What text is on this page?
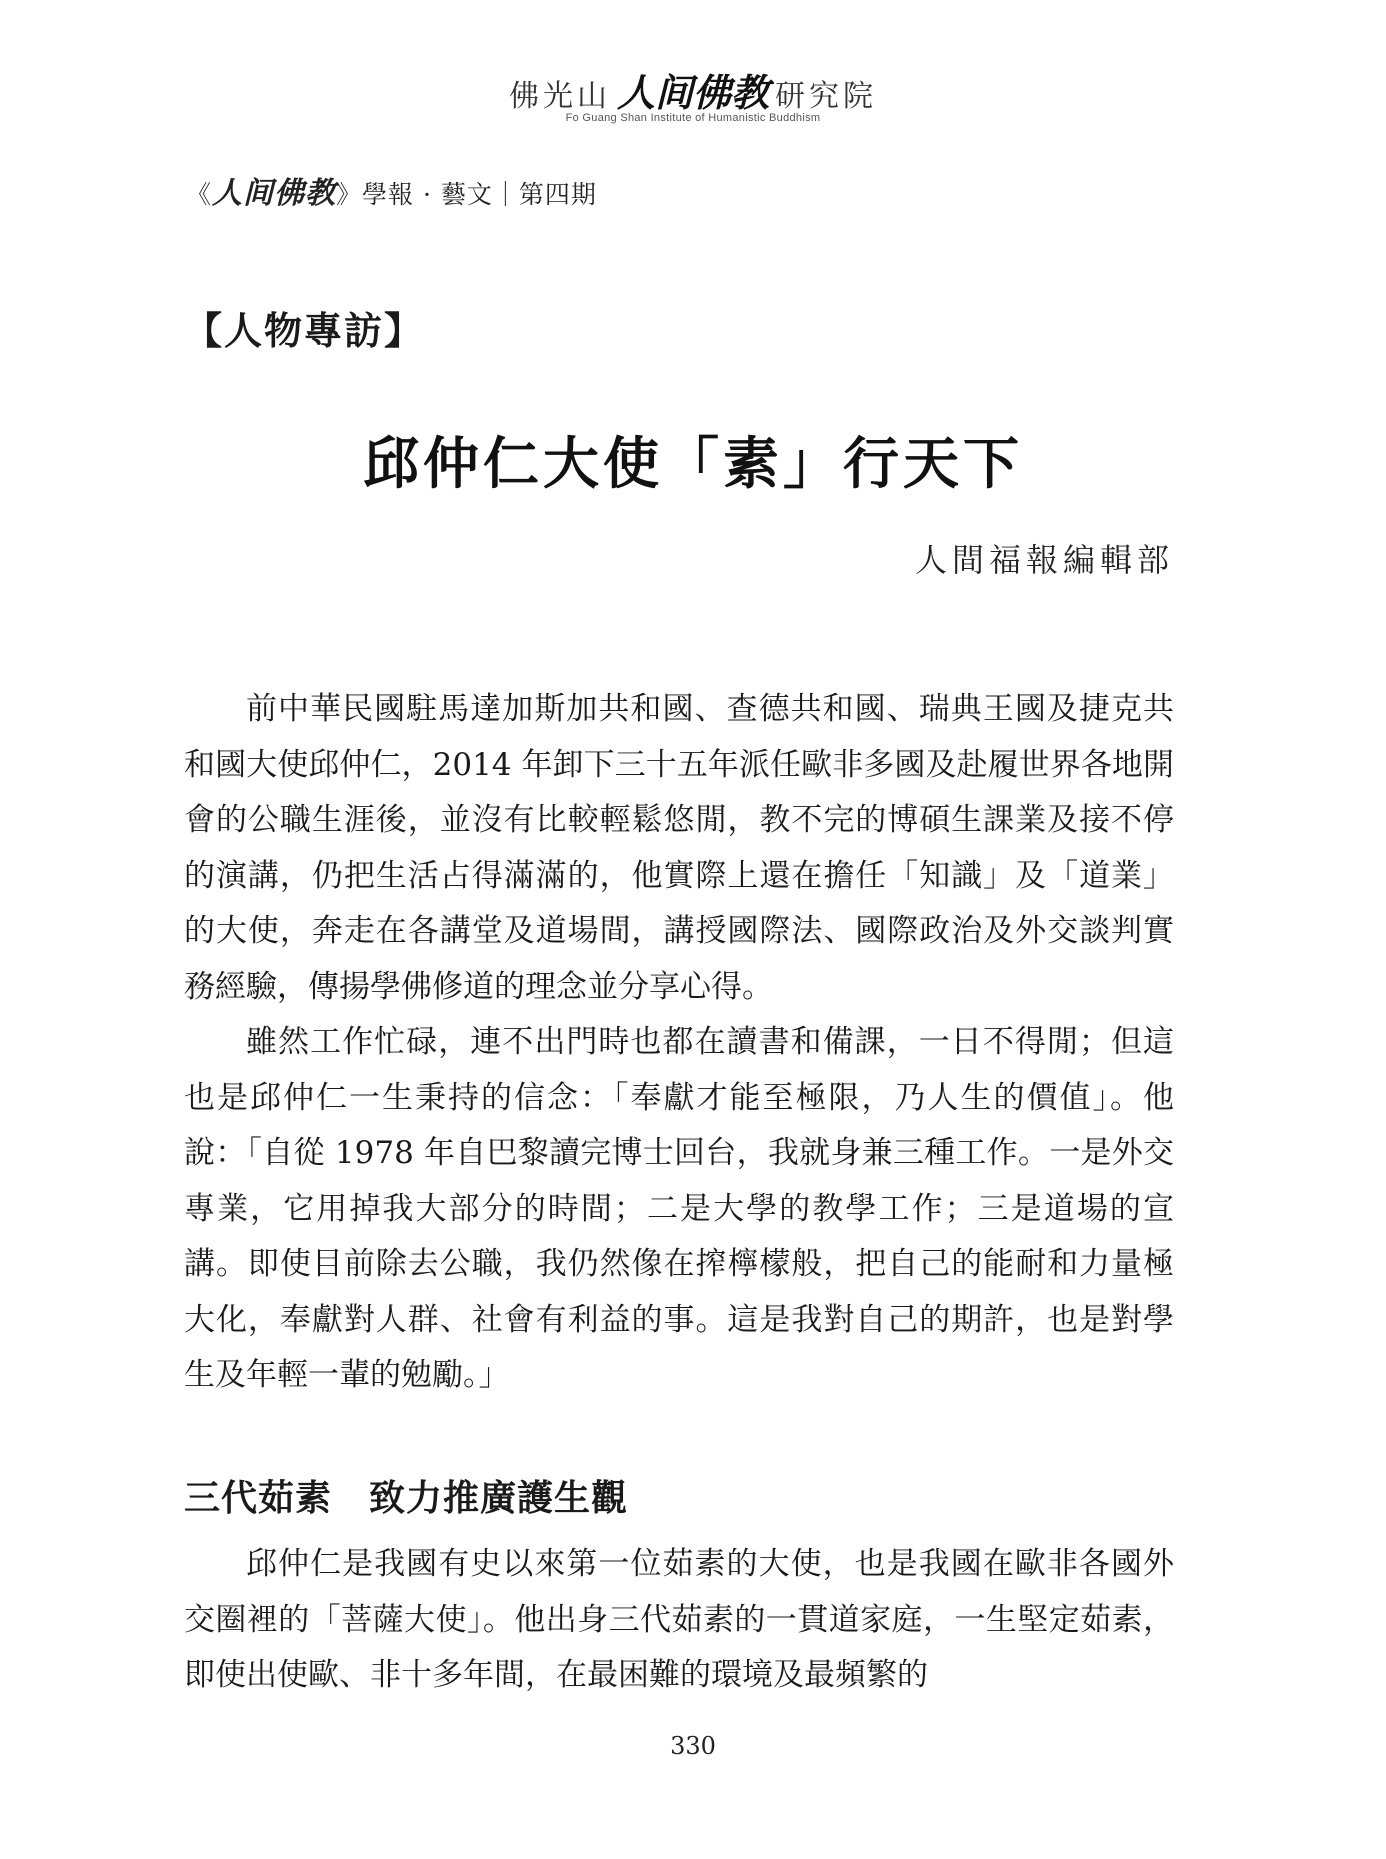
佛光山 人间佛教 研究院
Fo Guang Shan Institute of Humanistic Buddhism
《人间佛教》學報 · 藝文｜第四期
【人物專訪】
邱仲仁大使「素」行天下
人間福報編輯部

前中華民國駐馬達加斯加共和國、查德共和國、瑞典王國及捷克共和國大使邱仲仁，2014 年卸下三十五年派任歐非多國及赴履世界各地開會的公職生涯後，並沒有比較輕鬆悠閒，教不完的博碩生課業及接不停的演講，仍把生活占得滿滿的，他實際上還在擔任「知識」及「道業」的大使，奔走在各講堂及道場間，講授國際法、國際政治及外交談判實務經驗，傳揚學佛修道的理念並分享心得。

雖然工作忙碌，連不出門時也都在讀書和備課，一日不得閒；但這也是邱仲仁一生秉持的信念：「奉獻才能至極限，乃人生的價值」。他說：「自從 1978 年自巴黎讀完博士回台，我就身兼三種工作。一是外交專業，它用掉我大部分的時間；二是大學的教學工作；三是道場的宣講。即使目前除去公職，我仍然像在搾檸檬般，把自己的能耐和力量極大化，奉獻對人群、社會有利益的事。這是我對自己的期許，也是對學生及年輕一輩的勉勵。」

三代茹素　致力推廣護生觀

邱仲仁是我國有史以來第一位茹素的大使，也是我國在歐非各國外交圈裡的「菩薩大使」。他出身三代茹素的一貫道家庭，一生堅定茹素，即使出使歐、非十多年間，在最困難的環境及最頻繁的

330
